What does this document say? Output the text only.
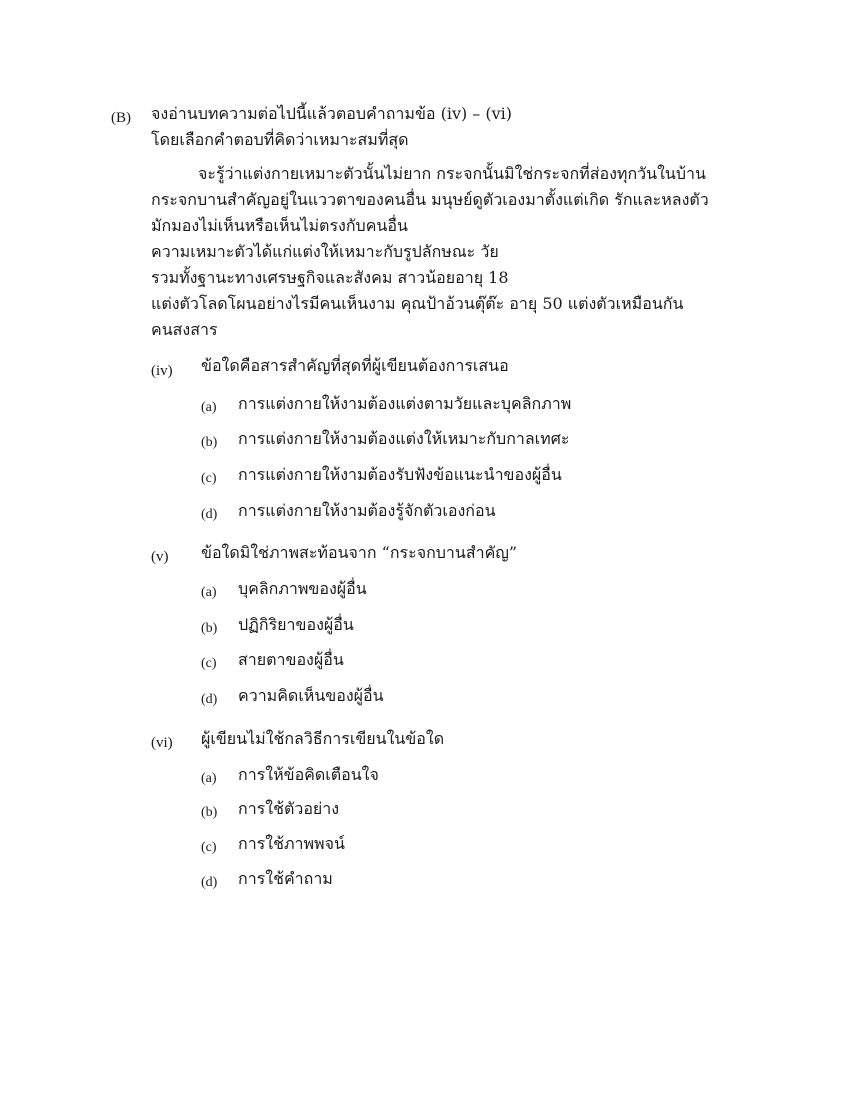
(B) จงอ่านบทความต่อไปนี้แล้วตอบคำถามข้อ (iv) – (vi)
โดยเลือกคำตอบที่คิดว่าเหมาะสมที่สุด
จะรู้ว่าแต่งกายเหมาะตัวนั้นไม่ยาก กระจกนั้นมิใช่กระจกที่ส่องทุกวันในบ้าน
กระจกบานสำคัญอยู่ในแววตาของคนอื่น มนุษย์ดูตัวเองมาตั้งแต่เกิด รักและหลงตัว
มักมองไม่เห็นหรือเห็นไม่ตรงกับคนอื่น
ความเหมาะตัวได้แก่แต่งให้เหมาะกับรูปลักษณะ วัย
รวมทั้งฐานะทางเศรษฐกิจและสังคม สาวน้อยอายุ 18
แต่งตัวโลดโผนอย่างไรมีคนเห็นงาม คุณป้าอ้วนตุ๊ต๊ะ อายุ 50 แต่งตัวเหมือนกัน
คนสงสาร
(iv) ข้อใดคือสารสำคัญที่สุดที่ผู้เขียนต้องการเสนอ
(a) การแต่งกายให้งามต้องแต่งตามวัยและบุคลิกภาพ
(b) การแต่งกายให้งามต้องแต่งให้เหมาะกับกาลเทศะ
(c) การแต่งกายให้งามต้องรับฟังข้อแนะนำของผู้อื่น
(d) การแต่งกายให้งามต้องรู้จักตัวเองก่อน
(v) ข้อใดมิใช่ภาพสะท้อนจาก “กระจกบานสำคัญ”
(a) บุคลิกภาพของผู้อื่น
(b) ปฏิกิริยาของผู้อื่น
(c) สายตาของผู้อื่น
(d) ความคิดเห็นของผู้อื่น
(vi) ผู้เขียนไม่ใช้กลวิธีการเขียนในข้อใด
(a) การให้ข้อคิดเตือนใจ
(b) การใช้ตัวอย่าง
(c) การใช้ภาพพจน์
(d) การใช้คำถาม
